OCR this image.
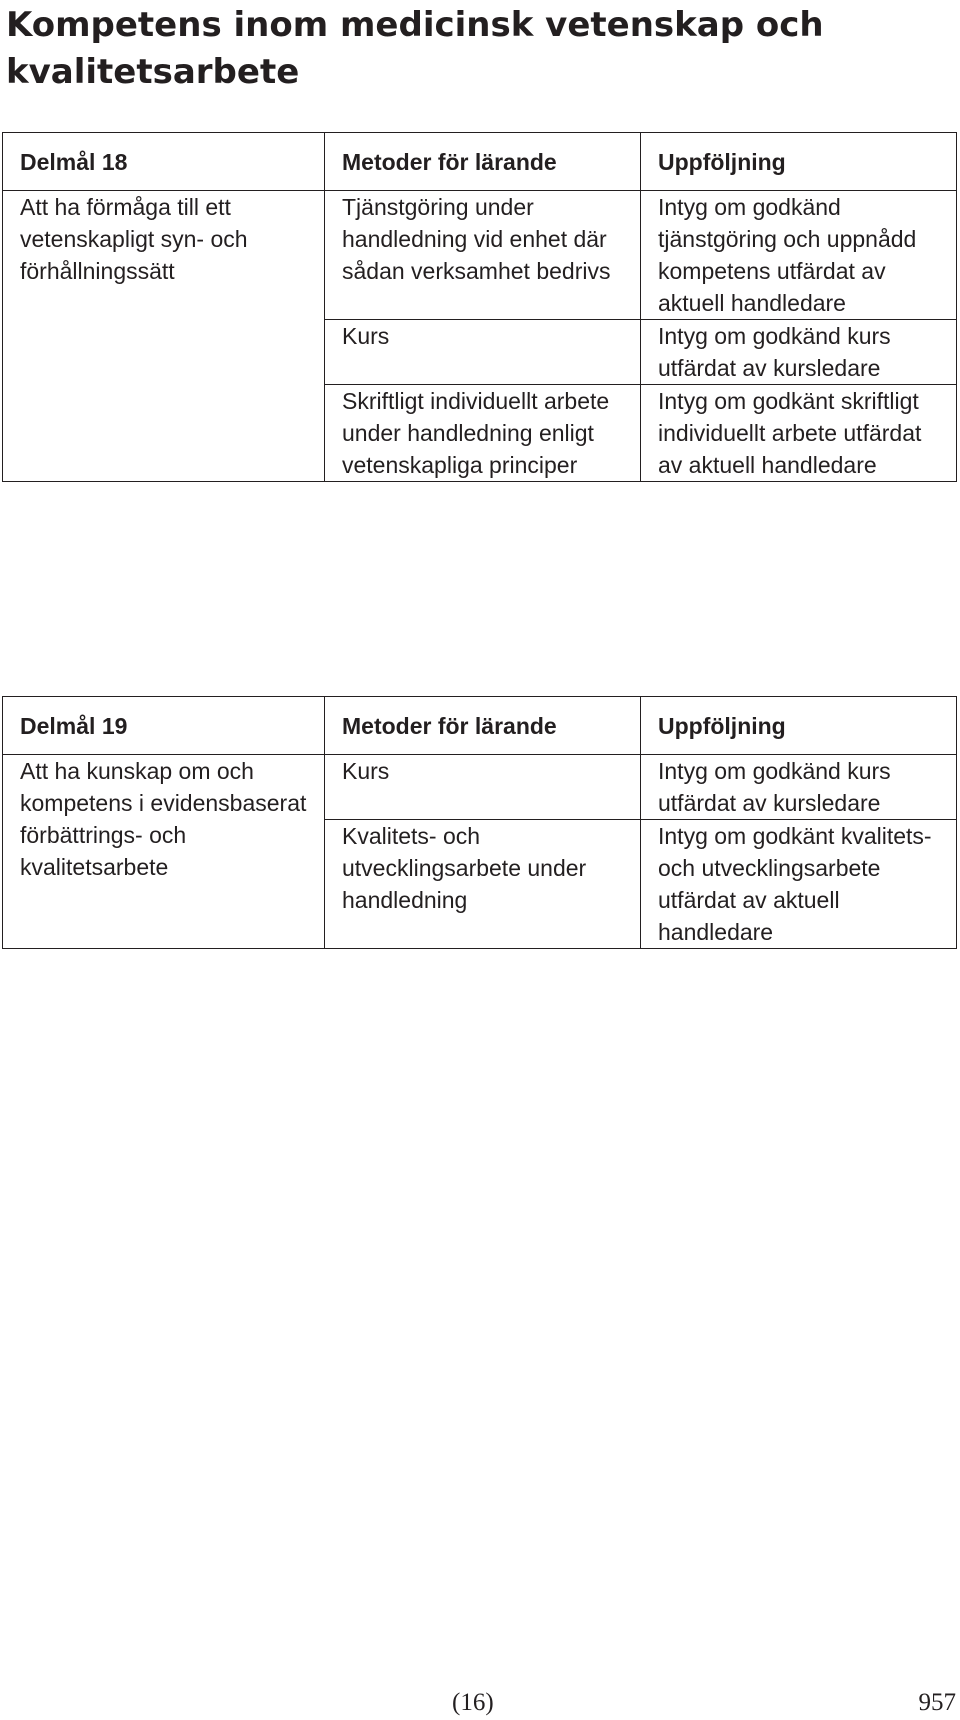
Kompetens inom medicinsk vetenskap och kvalitetsarbete
Delmål 18	Metoder för lärande	Uppföljning

Att ha förmåga till ett vetenskapligt syn- och förhållningssätt	Tjänstgöring under handledning vid enhet där sådan verksamhet bedrivs	Intyg om godkänd tjänstgöring och uppnådd kompetens utfärdat av aktuell handledare

	Kurs	Intyg om godkänd kurs utfärdat av kursledare

	Skriftligt individuellt arbete under handledning enligt vetenskapliga principer	Intyg om godkänt skriftligt individuellt arbete utfärdat av aktuell handledare
Delmål 19	Metoder för lärande	Uppföljning

Att ha kunskap om och kompetens i evidensbaserat förbättrings- och kvalitetsarbete	Kurs	Intyg om godkänd kurs utfärdat av kursledare

	Kvalitets- och utvecklingsarbete under handledning	Intyg om godkänt kvalitets- och utvecklingsarbete utfärdat av aktuell handledare
(16)	957
